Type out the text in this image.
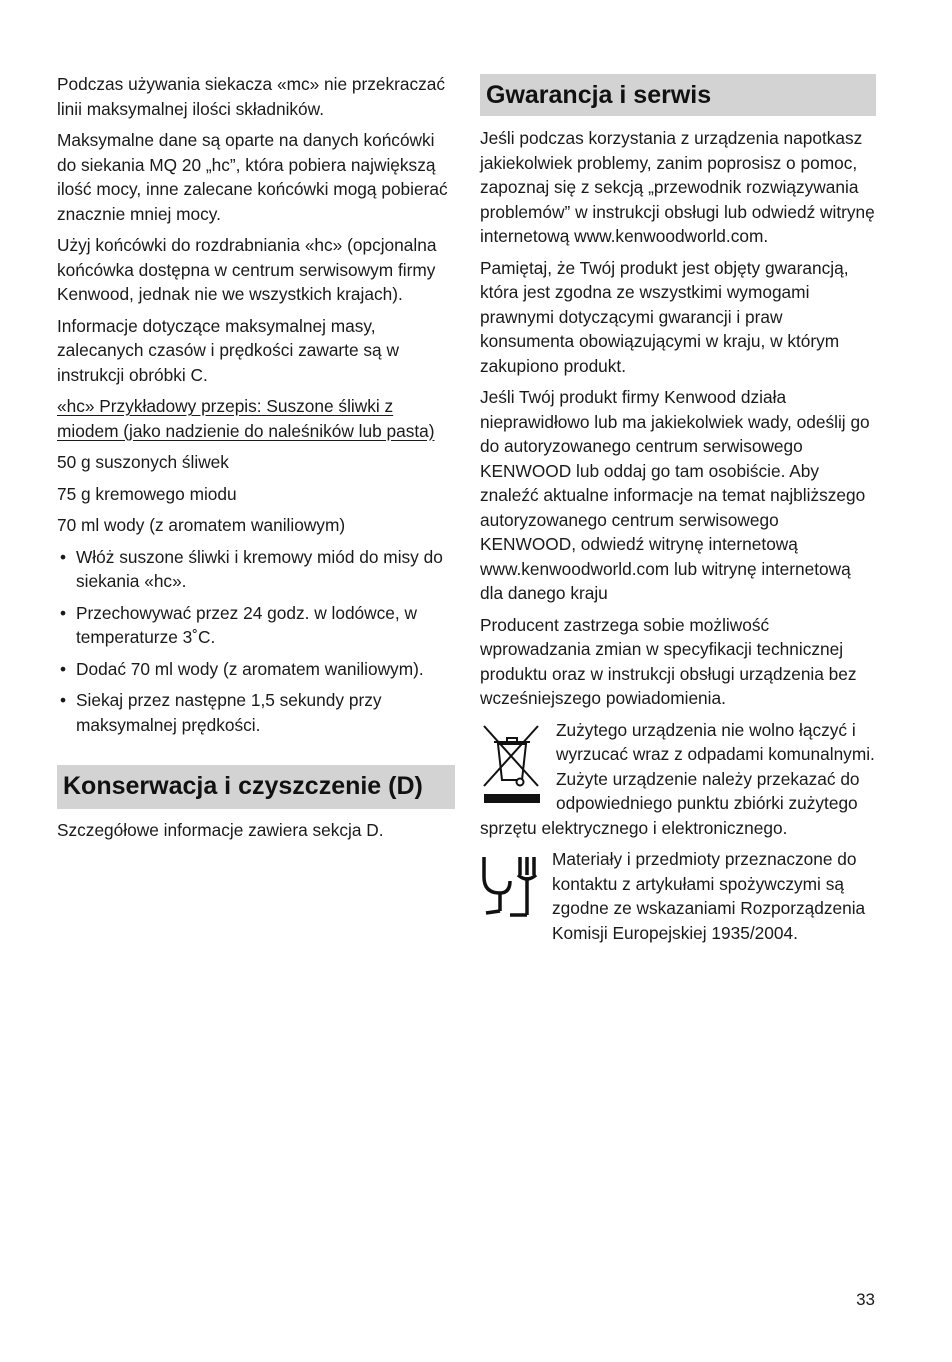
Podczas używania siekacza «mc» nie przekraczać linii maksymalnej ilości składników.

Maksymalne dane są oparte na danych końcówki do siekania MQ 20 „hc”, która pobiera największą ilość mocy, inne zalecane końcówki mogą pobierać znacznie mniej mocy.

Użyj końcówki do rozdrabniania «hc» (opcjonalna końcówka dostępna w centrum serwisowym firmy Kenwood, jednak nie we wszystkich krajach).

Informacje dotyczące maksymalnej masy, zalecanych czasów i prędkości zawarte są w instrukcji obróbki C.

«hc» Przykładowy przepis: Suszone śliwki z miodem (jako nadzienie do naleśników lub pasta)

50 g suszonych śliwek

75 g kremowego miodu

70 ml wody (z aromatem waniliowym)

• Włóż suszone śliwki i kremowy miód do misy do siekania «hc».
• Przechowywać przez 24 godz. w lodówce, w temperaturze 3˚C.
• Dodać 70 ml wody (z aromatem waniliowym).
• Siekaj przez następne 1,5 sekundy przy maksymalnej prędkości.
Konserwacja i czyszczenie (D)

Szczegółowe informacje zawiera sekcja D.

Gwarancja i serwis

Jeśli podczas korzystania z urządzenia napotkasz jakiekolwiek problemy, zanim poprosisz o pomoc, zapoznaj się z sekcją „przewodnik rozwiązywania problemów” w instrukcji obsługi lub odwiedź witrynę internetową www.kenwoodworld.com.

Pamiętaj, że Twój produkt jest objęty gwarancją, która jest zgodna ze wszystkimi wymogami prawnymi dotyczącymi gwarancji i praw konsumenta obowiązującymi w kraju, w którym zakupiono produkt.

Jeśli Twój produkt firmy Kenwood działa nieprawidłowo lub ma jakiekolwiek wady, odeślij go do autoryzowanego centrum serwisowego KENWOOD lub oddaj go tam osobiście. Aby znaleźć aktualne informacje na temat najbliższego autoryzowanego centrum serwisowego KENWOOD, odwiedź witrynę internetową www.kenwoodworld.com lub witrynę internetową dla danego kraju

Producent zastrzega sobie możliwość wprowadzania zmian w specyfikacji technicznej produktu oraz w instrukcji obsługi urządzenia bez wcześniejszego powiadomienia.

Zużytego urządzenia nie wolno łączyć i wyrzucać wraz z odpadami komunalnymi. Zużyte urządzenie należy przekazać do odpowiedniego punktu zbiórki zużytego sprzętu elektrycznego i elektronicznego.

Materiały i przedmioty przeznaczone do kontaktu z artykułami spożywczymi są zgodne ze wskazaniami Rozporządzenia Komisji Europejskiej 1935/2004.

33
